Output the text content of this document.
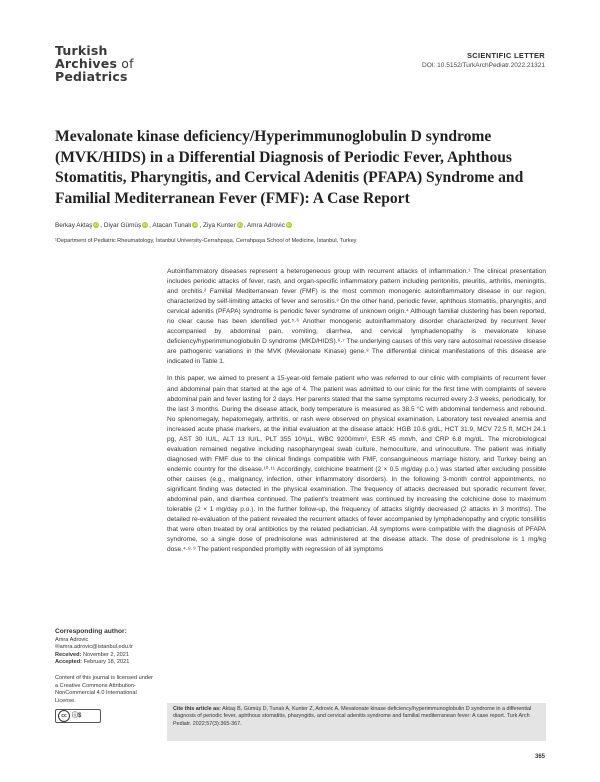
Turkish
Archives of
Pediatrics
SCIENTIFIC LETTER
DOI: 10.5152/TurkArchPediatr.2022.21321
Mevalonate kinase deficiency/Hyperimmunoglobulin D syndrome (MVK/HIDS) in a Differential Diagnosis of Periodic Fever, Aphthous Stomatitis, Pharyngitis, and Cervical Adenitis (PFAPA) Syndrome and Familial Mediterranean Fever (FMF): A Case Report
Berkay Aktaş iD , Diyar Gümüş iD , Atacan Tunalı iD , Ziya Kunter iD , Amra Adrovic iD
¹Department of Pediatric Rheumatology, İstanbul University-Cerrahpaşa, Cerrahpaşa School of Medicine, İstanbul, Turkey

Autoinflammatory diseases represent a heterogeneous group with recurrent attacks of inflammation.¹ The clinical presentation includes periodic attacks of fever, rash, and organ-specific inflammatory pattern including peritonitis, pleuritis, arthritis, meningitis, and orchitis.² Familial Mediterranean fever (FMF) is the most common monogenic autoinflammatory disease in our region, characterized by self-limiting attacks of fever and serositis.³ On the other hand, periodic fever, aphthous stomatitis, pharyngitis, and cervical adenitis (PFAPA) syndrome is periodic fever syndrome of unknown origin.⁴ Although familial clustering has been reported, no clear cause has been identified yet.⁵·⁶ Another monogenic autoinflammatory disorder characterized by recurrent fever accompanied by abdominal pain, vomiting, diarrhea, and cervical lymphadenopathy is mevalonate kinase deficiency/hyperimmunoglobulin D syndrome (MKD/HIDS).⁶·⁷ The underlying causes of this very rare autosomal recessive disease are pathogenic variations in the MVK (Mevalonate Kinase) gene.⁸ The differential clinical manifestations of this disease are indicated in Table 1.

In this paper, we aimed to present a 15-year-old female patient who was referred to our clinic with complaints of recurrent fever and abdominal pain that started at the age of 4. The patient was admitted to our clinic for the first time with complaints of severe abdominal pain and fever lasting for 2 days. Her parents stated that the same symptoms recurred every 2-3 weeks, periodically, for the last 3 months. During the disease attack, body temperature is measured as 38.5 °C with abdominal tenderness and rebound. No splenomegaly, hepatomegaly, arthritis, or rash were observed on physical examination. Laboratory test revealed anemia and increased acute phase markers, at the initial evaluation at the disease attack: HGB 10.6 g/dL, HCT 31.9, MCV 72.5 fl, MCH 24.1 pg, AST 30 IU/L, ALT 13 IU/L, PLT 355 10³/µL, WBC 9200/mm³, ESR 45 mm/h, and CRP 6.8 mg/dL. The microbiological evaluation remained negative including nasopharyngeal swab culture, hemoculture, and urinoculture. The patient was initially diagnosed with FMF due to the clinical findings compatible with FMF, consanguineous marriage history, and Turkey being an endemic country for the disease.¹⁰·¹¹ Accordingly, colchicine treatment (2 × 0.5 mg/day p.o.) was started after excluding possible other causes (e.g., malignancy, infection, other inflammatory disorders). In the following 3-month control appointments, no significant finding was detected in the physical examination. The frequency of attacks decreased but sporadic recurrent fever, abdominal pain, and diarrhea continued. The patient's treatment was continued by increasing the colchicine dose to maximum tolerable (2 × 1 mg/day p.o.). In the further follow-up, the frequency of attacks slightly decreased (2 attacks in 3 months). The detailed re-evaluation of the patient revealed the recurrent attacks of fever accompanied by lymphadenopathy and cryptic tonsillitis that were often treated by oral antibiotics by the related pediatrician. All symptoms were compatible with the diagnosis of PFAPA syndrome, so a single dose of prednisolone was administered at the disease attack. The dose of prednisolone is 1 mg/kg dose.⁴·⁸·⁹ The patient responded promptly with regression of all symptoms

Corresponding author:
Amra Adrovic
✉amra.adrovic@istanbul.edu.tr
Received: November 2, 2021
Accepted: February 18, 2021
Content of this journal is licensed under a Creative Commons Attribution-NonCommercial 4.0 International License.
cc ⓘ$
Cite this article as: Aktaş B, Gümüş D, Tunalı A, Kunter Z, Adrovic A. Mevalonate kinase deficiency/hyperimmunoglobulin D syndrome in a differential diagnosis of periodic fever, aphthous stomatitis, pharyngitis, and cervical adenitis syndrome and familial mediterranean fever: A case report. Turk Arch Pediatr. 2022;57(3):365-367.
365
